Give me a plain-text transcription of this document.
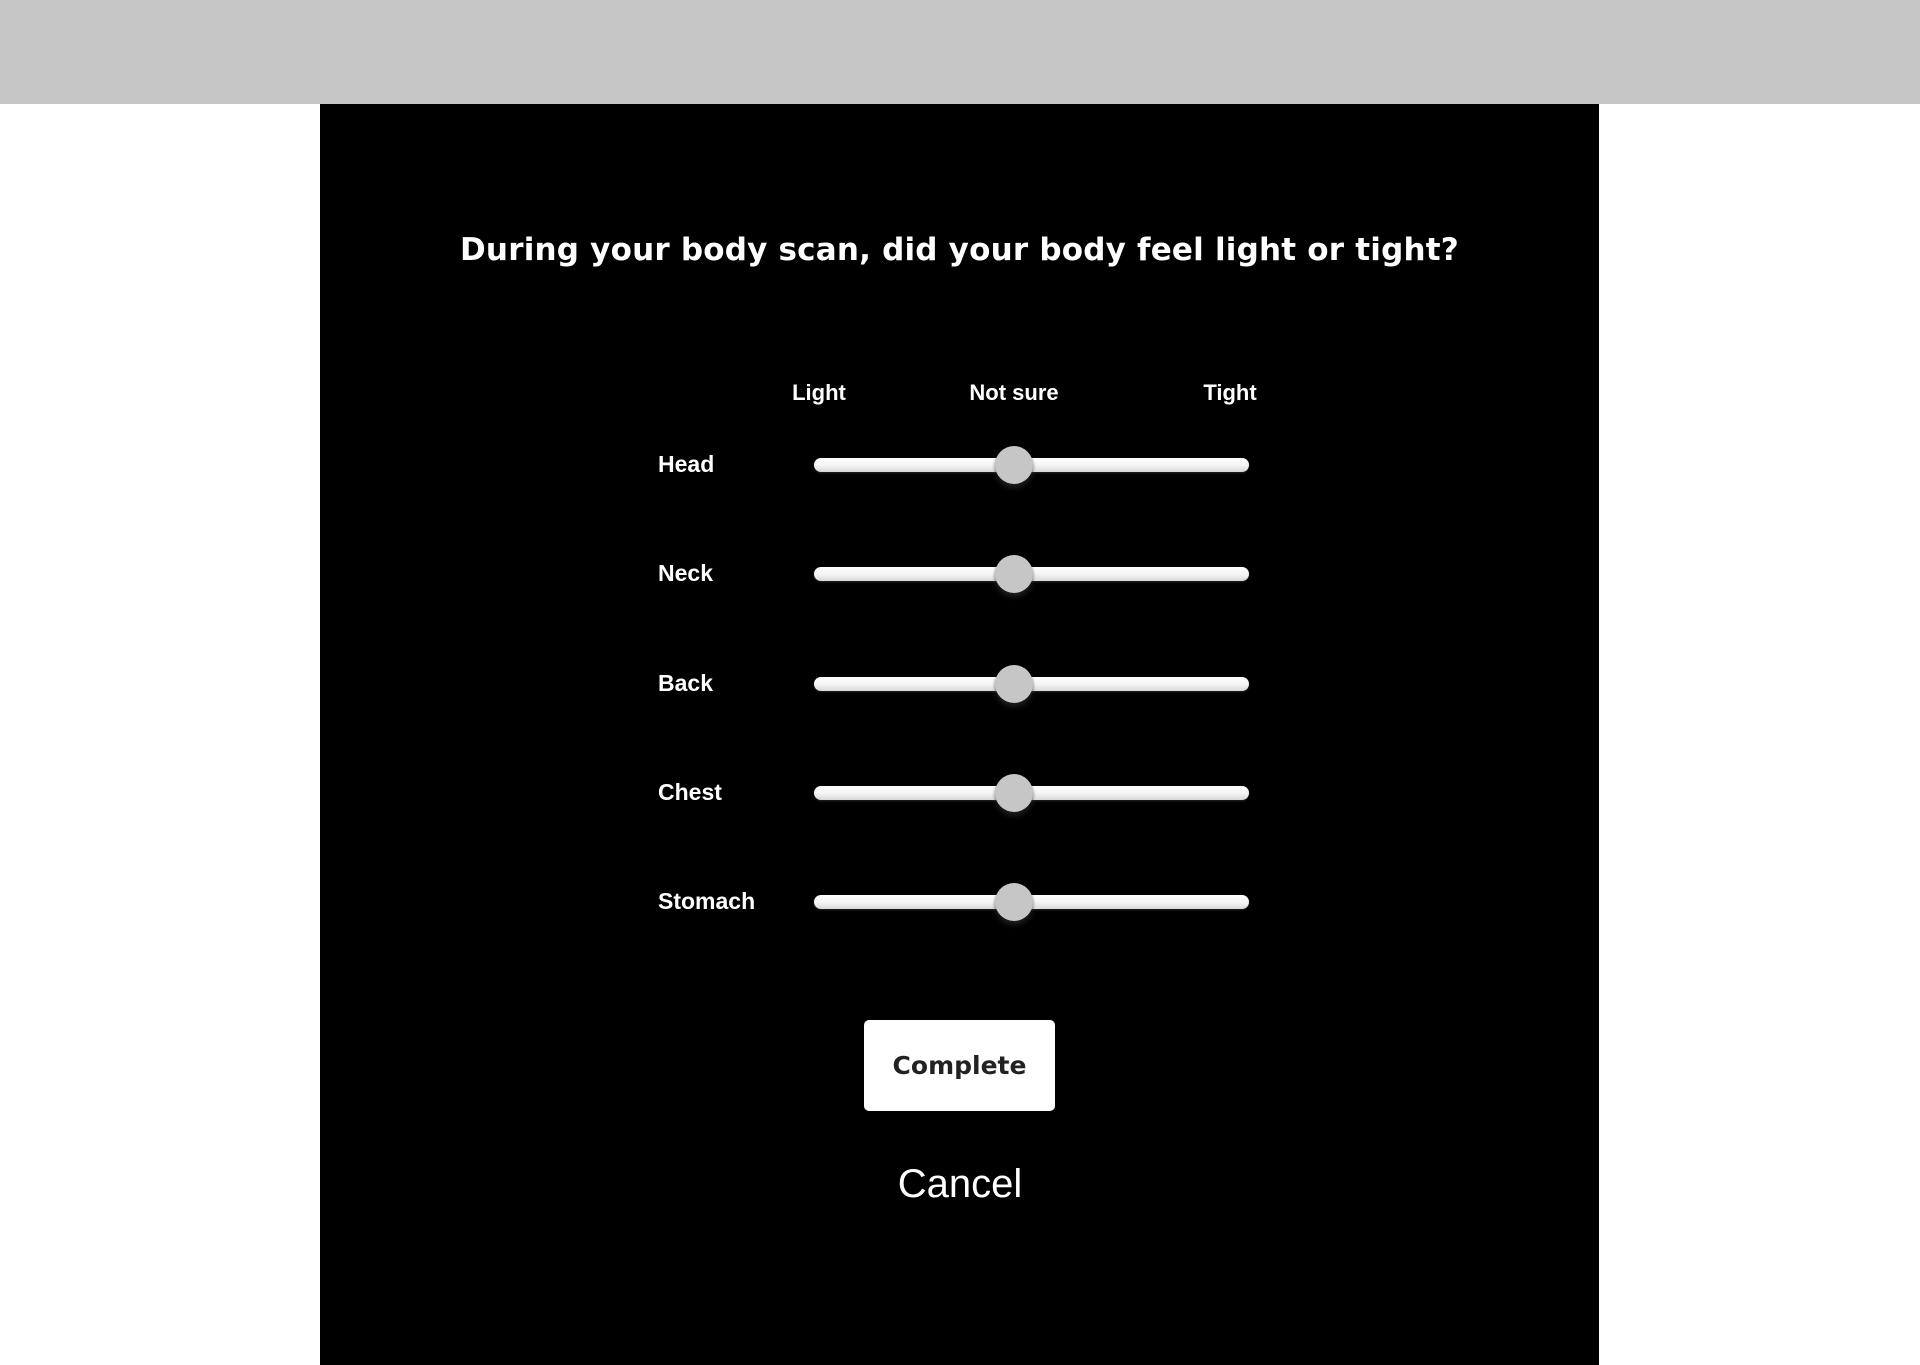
During your body scan, did your body feel light or tight?
Light	Not sure	Tight
Head
Neck
Back
Chest
Stomach
Complete
Cancel
